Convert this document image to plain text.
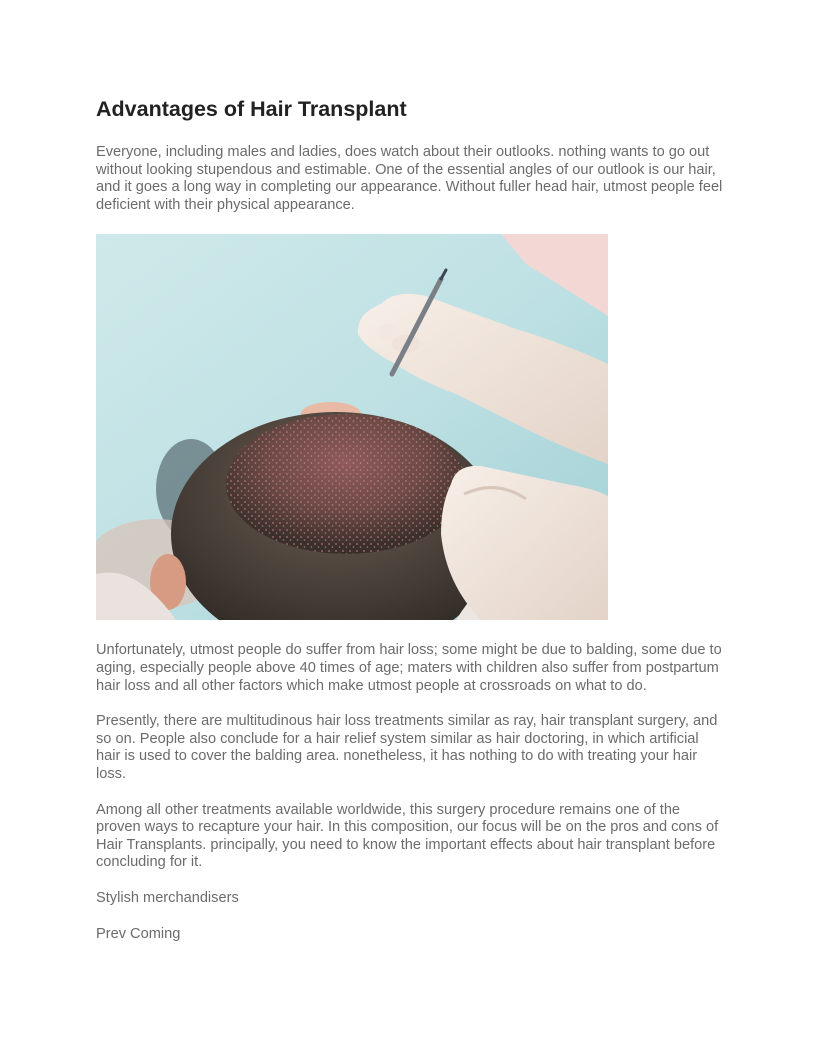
Advantages of Hair Transplant

Everyone, including males and ladies, does watch about their outlooks. nothing wants to go out without looking stupendous and estimable. One of the essential angles of our outlook is our hair, and it goes a long way in completing our appearance. Without fuller head hair, utmost people feel deficient with their physical appearance.

Unfortunately, utmost people do suffer from hair loss; some might be due to balding, some due to aging, especially people above 40 times of age; maters with children also suffer from postpartum hair loss and all other factors which make utmost people at crossroads on what to do.

Presently, there are multitudinous hair loss treatments similar as ray, hair transplant surgery, and so on. People also conclude for a hair relief system similar as hair doctoring, in which artificial hair is used to cover the balding area. nonetheless, it has nothing to do with treating your hair loss.

Among all other treatments available worldwide, this surgery procedure remains one of the proven ways to recapture your hair. In this composition, our focus will be on the pros and cons of Hair Transplants. principally, you need to know the important effects about hair transplant before concluding for it.

Stylish merchandisers

Prev Coming
